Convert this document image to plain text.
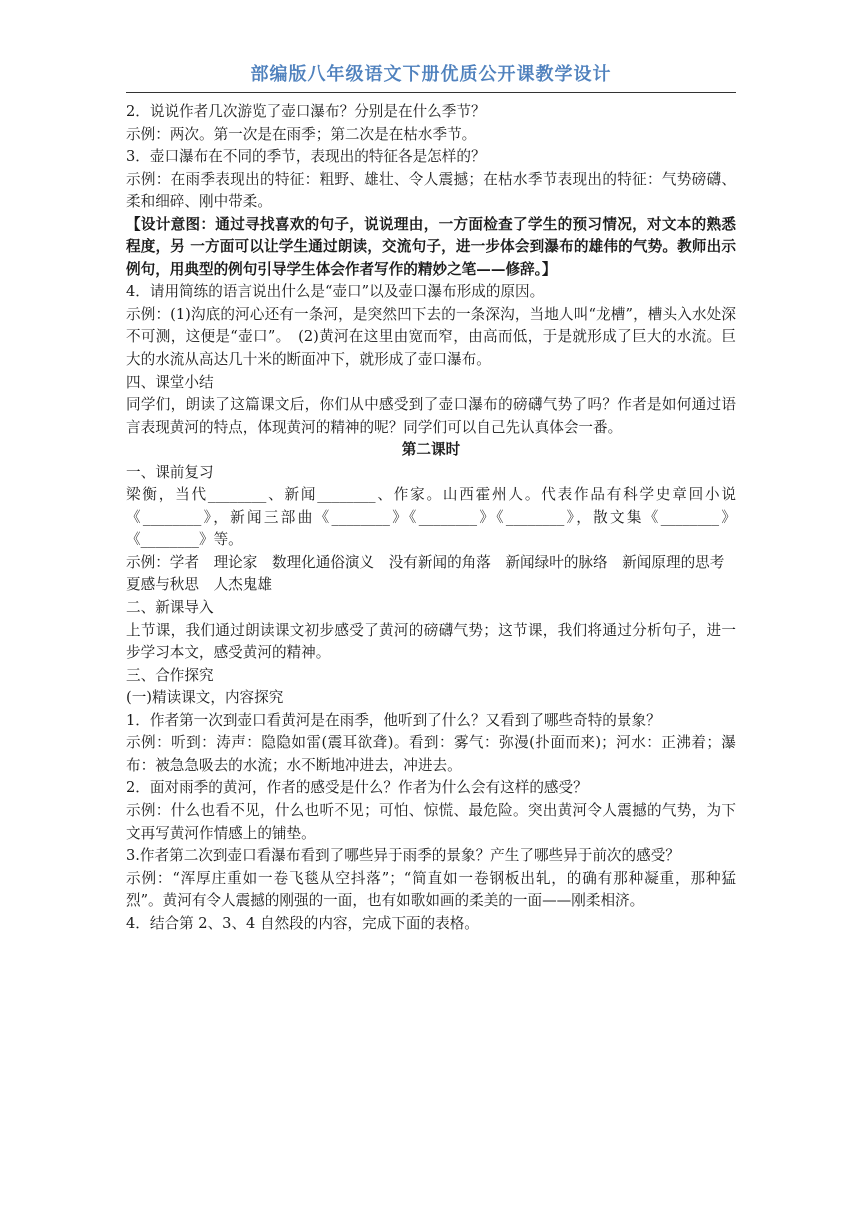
部编版八年级语文下册优质公开课教学设计

2．说说作者几次游览了壶口瀑布？分别是在什么季节？

示例：两次。第一次是在雨季；第二次是在枯水季节。

3．壶口瀑布在不同的季节，表现出的特征各是怎样的？

示例：在雨季表现出的特征：粗野、雄壮、令人震撼；在枯水季节表现出的特征：气势磅礴、柔和细碎、刚中带柔。

【设计意图：通过寻找喜欢的句子，说说理由，一方面检查了学生的预习情况，对文本的熟悉程度，另 一方面可以让学生通过朗读，交流句子，进一步体会到瀑布的雄伟的气势。教师出示例句，用典型的例句引导学生体会作者写作的精妙之笔——修辞。】

4．请用简练的语言说出什么是“壶口”以及壶口瀑布形成的原因。

示例：(1)沟底的河心还有一条河，是突然凹下去的一条深沟，当地人叫“龙槽”，槽头入水处深不可测，这便是“壶口”。　(2)黄河在这里由宽而窄，由高而低，于是就形成了巨大的水流。巨大的水流从高达几十米的断面冲下，就形成了壶口瀑布。

四、课堂小结

同学们，朗读了这篇课文后，你们从中感受到了壶口瀑布的磅礴气势了吗？作者是如何通过语言表现黄河的特点，体现黄河的精神的呢？同学们可以自己先认真体会一番。

第二课时

一、课前复习

梁衡，当代________、新闻________、作家。山西霍州人。代表作品有科学史章回小说《________》，新闻三部曲《________》《________》《________》，散文集《________》《________》等。

示例：学者　理论家　数理化通俗演义　没有新闻的角落　新闻绿叶的脉络　新闻原理的思考

夏感与秋思　人杰鬼雄

二、新课导入

上节课，我们通过朗读课文初步感受了黄河的磅礴气势；这节课，我们将通过分析句子，进一步学习本文，感受黄河的精神。

三、合作探究

(一)精读课文，内容探究

1．作者第一次到壶口看黄河是在雨季，他听到了什么？又看到了哪些奇特的景象？

示例：听到：涛声：隐隐如雷(震耳欲聋)。看到：雾气：弥漫(扑面而来)；河水：正沸着；瀑布：被急急吸去的水流；水不断地冲进去，冲进去。

2．面对雨季的黄河，作者的感受是什么？作者为什么会有这样的感受？

示例：什么也看不见，什么也听不见；可怕、惊慌、最危险。突出黄河令人震撼的气势，为下文再写黄河作情感上的铺垫。

3.作者第二次到壶口看瀑布看到了哪些异于雨季的景象？产生了哪些异于前次的感受？

示例：“浑厚庄重如一卷飞毯从空抖落”；“简直如一卷钢板出轧，的确有那种凝重，那种猛烈”。黄河有令人震撼的刚强的一面，也有如歌如画的柔美的一面——刚柔相济。

4．结合第 2、3、4 自然段的内容，完成下面的表格。
